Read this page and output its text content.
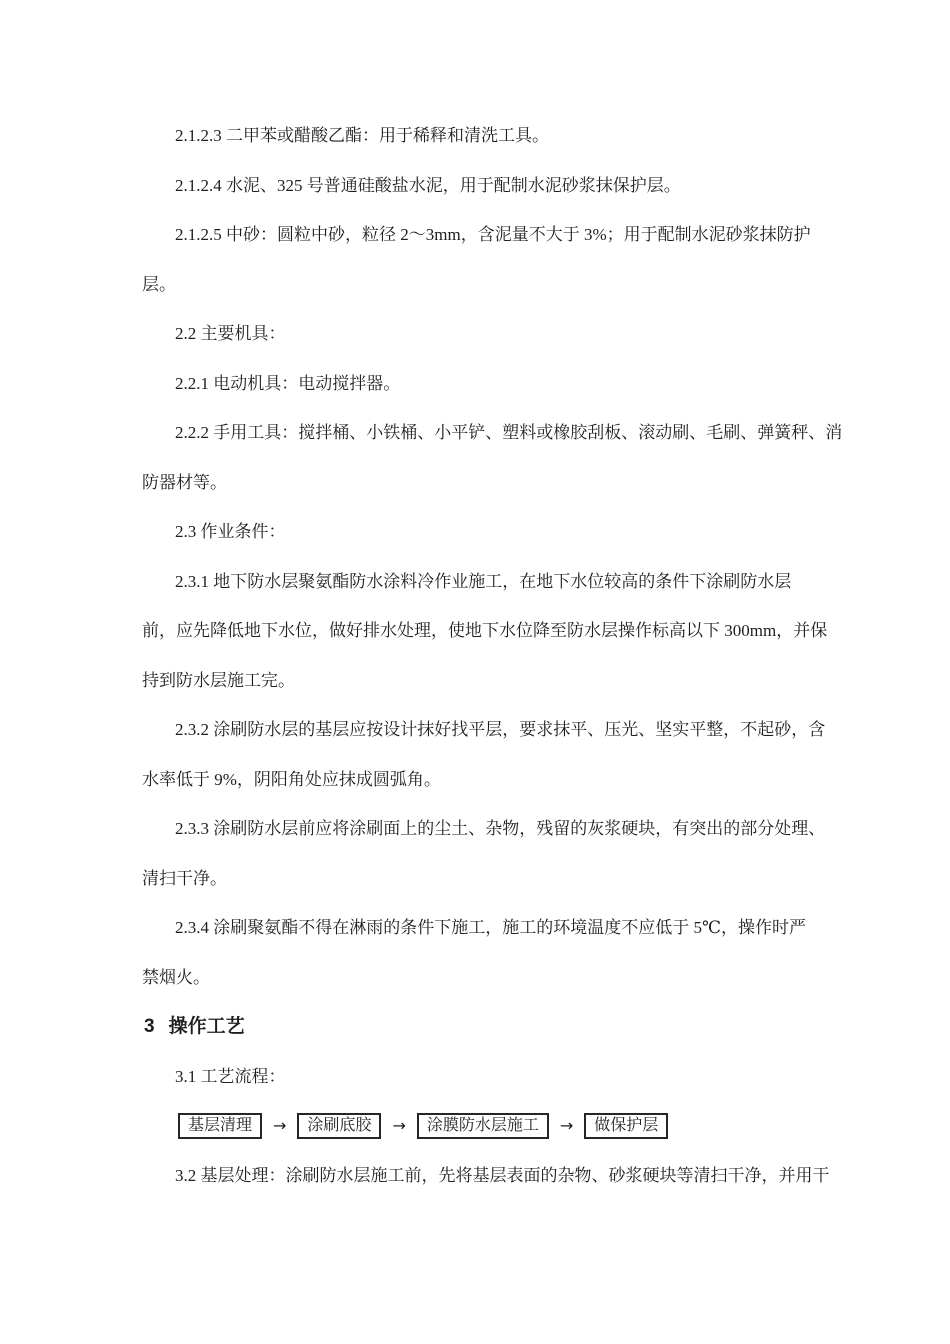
2.1.2.3 二甲苯或醋酸乙酯：用于稀释和清洗工具。
2.1.2.4 水泥、325 号普通硅酸盐水泥，用于配制水泥砂浆抹保护层。
2.1.2.5 中砂：圆粒中砂，粒径 2～3mm，含泥量不大于 3%；用于配制水泥砂浆抹防护
层。
2.2 主要机具：
2.2.1 电动机具：电动搅拌器。
2.2.2 手用工具：搅拌桶、小铁桶、小平铲、塑料或橡胶刮板、滚动刷、毛刷、弹簧秤、消
防器材等。
2.3 作业条件：
2.3.1 地下防水层聚氨酯防水涂料冷作业施工，在地下水位较高的条件下涂刷防水层
前，应先降低地下水位，做好排水处理，使地下水位降至防水层操作标高以下 300mm，并保
持到防水层施工完。
2.3.2 涂刷防水层的基层应按设计抹好找平层，要求抹平、压光、坚实平整，不起砂，含
水率低于 9%，阴阳角处应抹成圆弧角。
2.3.3 涂刷防水层前应将涂刷面上的尘土、杂物，残留的灰浆硬块，有突出的部分处理、
清扫干净。
2.3.4 涂刷聚氨酯不得在淋雨的条件下施工，施工的环境温度不应低于 5℃，操作时严
禁烟火。
3 操作工艺
3.1 工艺流程：
基层清理	→	涂刷底胶	→	涂膜防水层施工	→	做保护层
3.2 基层处理：涂刷防水层施工前，先将基层表面的杂物、砂浆硬块等清扫干净，并用干
